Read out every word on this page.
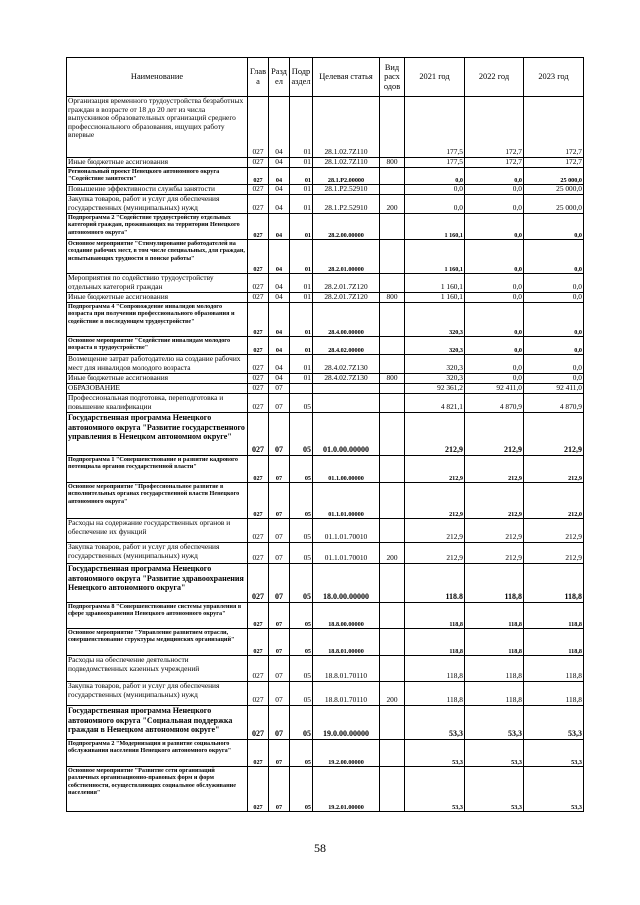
Наименование	Глав а	Разд ел	Подр аздел	Целевая статья	Вид расх одов	2021 год	2022 год	2023 год
Организация временного трудоустройства безработных граждан в возрасте от 18 до 20 лет из числа выпускников образовательных организаций среднего профессионального образования, ищущих работу впервые	027	04	01	28.1.02.7Z110		177,5	172,7	172,7
Иные бюджетные ассигнования	027	04	01	28.1.02.7Z110	800	177,5	172,7	172,7
Региональный проект Ненецкого автономного округа "Содействие занятости"	027	04	01	28.1.P2.00000		0,0	0,0	25 000,0
Повышение эффективности службы занятости	027	04	01	28.1.P2.52910		0,0	0,0	25 000,0
Закупка товаров, работ и услуг для обеспечения государственных (муниципальных) нужд	027	04	01	28.1.P2.52910	200	0,0	0,0	25 000,0
Подпрограмма 2 "Содействие трудоустройству отдельных категорий граждан, проживающих на территории Ненецкого автономного округа"	027	04	01	28.2.00.00000		1 160,1	0,0	0,0
Основное мероприятие "Стимулирование работодателей на создание рабочих мест, в том числе специальных, для граждан, испытывающих трудности в поиске работы"	027	04	01	28.2.01.00000		1 160,1	0,0	0,0
Мероприятия по содействию трудоустройству отдельных категорий граждан	027	04	01	28.2.01.7Z120		1 160,1	0,0	0,0
Иные бюджетные ассигнования	027	04	01	28.2.01.7Z120	800	1 160,1	0,0	0,0
Подпрограмма 4 "Сопровождение инвалидов молодого возраста при получении профессионального образования и содействие в последующем трудоустройстве"	027	04	01	28.4.00.00000		320,3	0,0	0,0
Основное мероприятие "Содействие инвалидам молодого возраста в трудоустройстве"	027	04	01	28.4.02.00000		320,3	0,0	0,0
Возмещение затрат работодателю на создание рабочих мест для инвалидов молодого возраста	027	04	01	28.4.02.7Z130		320,3	0,0	0,0
Иные бюджетные ассигнования	027	04	01	28.4.02.7Z130	800	320,3	0,0	0,0
ОБРАЗОВАНИЕ	027	07				92 361,2	92 411,0	92 411,0
Профессиональная подготовка, переподготовка и повышение квалификации	027	07	05			4 821,1	4 870,9	4 870,9
Государственная программа Ненецкого автономного округа "Развитие государственного управления в Ненецком автономном округе"	027	07	05	01.0.00.00000		212,9	212,9	212,9
Подпрограмма 1 "Совершенствование и развитие кадрового потенциала органов государственной власти"	027	07	05	01.1.00.00000		212,9	212,9	212,9
Основное мероприятие "Профессиональное развитие в исполнительных органах государственной власти Ненецкого автономного округа"	027	07	05	01.1.01.00000		212,9	212,9	212,0
Расходы на содержание государственных органов и обеспечение их функций	027	07	05	01.1.01.70010		212,9	212,9	212,9
Закупка товаров, работ и услуг для обеспечения государственных (муниципальных) нужд	027	07	05	01.1.01.70010	200	212,9	212,9	212,9
Государственная программа Ненецкого автономного округа "Развитие здравоохранения Ненецкого автономного округа"	027	07	05	18.0.00.00000		118.8	118,8	118,8
Подпрограмма 8 "Совершенствование системы управления в сфере здравоохранения Ненецкого автономного округа"	027	07	05	18.8.00.00000		118,8	118,8	118,8
Основное мероприятие "Управление развитием отрасли, совершенствование структуры медицинских организаций"	027	07	05	18.8.01.00000		118,8	118,8	118,8
Расходы на обеспечение деятельности подведомственных казенных учреждений	027	07	05	18.8.01.70110		118,8	118,8	118,8
Закупка товаров, работ и услуг для обеспечения государственных (муниципальных) нужд	027	07	05	18.8.01.70110	200	118,8	118,8	118,8
Государственная программа Ненецкого автономного округа "Социальная поддержка граждан в Ненецком автономном округе"	027	07	05	19.0.00.00000		53,3	53,3	53,3
Подпрограмма 2 "Модернизация и развитие социального обслуживания населения Ненецкого автономного округа"	027	07	05	19.2.00.00000		53,3	53,3	53,3
Основное мероприятие "Развитие сети организаций различных организационно-правовых форм и форм собственности, осуществляющих социальное обслуживание населения"	027	07	05	19.2.01.00000		53,3	53,3	53,3
58
